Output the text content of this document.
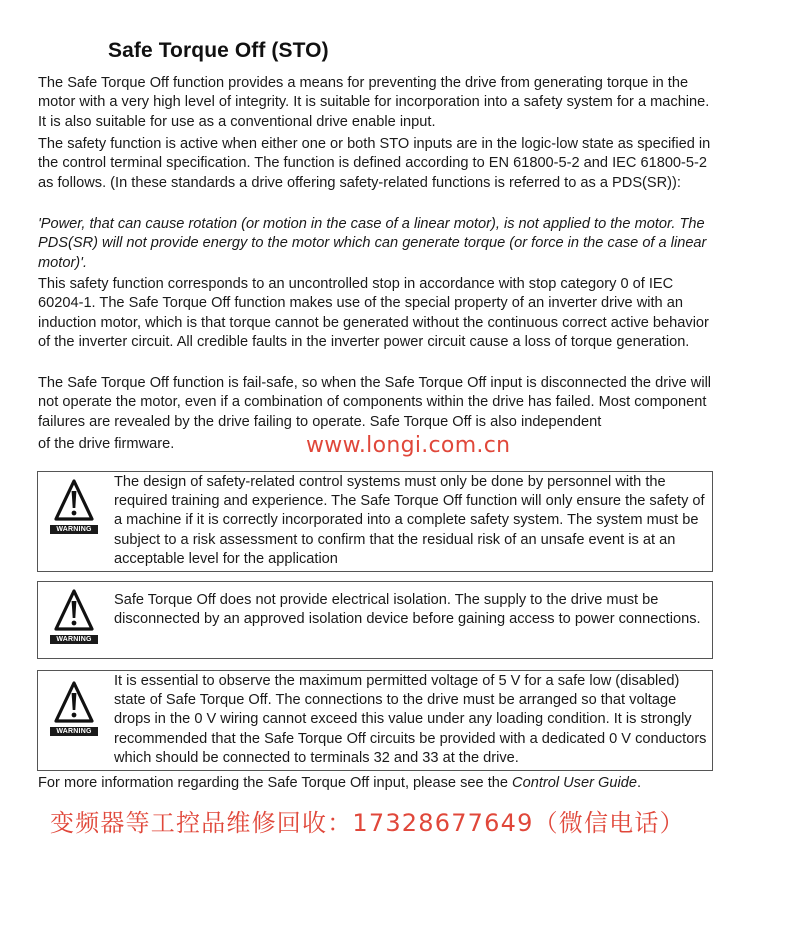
Safe Torque Off (STO)

The Safe Torque Off function provides a means for preventing the drive from generating torque in the motor with a very high level of integrity. It is suitable for incorporation into a safety system for a machine. It is also suitable for use as a conventional drive enable input.

The safety function is active when either one or both STO inputs are in the logic-low state as specified in the control terminal specification. The function is defined according to EN 61800-5-2 and IEC 61800-5-2 as follows. (In these standards a drive offering safety-related functions is referred to as a PDS(SR)):

'Power, that can cause rotation (or motion in the case of a linear motor), is not applied to the motor. The PDS(SR) will not provide energy to the motor which can generate torque (or force in the case of a linear motor)'.

This safety function corresponds to an uncontrolled stop in accordance with stop category 0 of IEC 60204-1. The Safe Torque Off function makes use of the special property of an inverter drive with an induction motor, which is that torque cannot be generated without the continuous correct active behavior of the inverter circuit. All credible faults in the inverter power circuit cause a loss of torque generation.

The Safe Torque Off function is fail-safe, so when the Safe Torque Off input is disconnected the drive will not operate the motor, even if a combination of components within the drive has failed. Most component failures are revealed by the drive failing to operate. Safe Torque Off is also independent
of the drive firmware.	www.longi.com.cn
WARNING

The design of safety-related control systems must only be done by personnel with the required training and experience. The Safe Torque Off function will only ensure the safety of a machine if it is correctly incorporated into a complete safety system. The system must be subject to a risk assessment to confirm that the residual risk of an unsafe event is at an acceptable level for the application

WARNING

Safe Torque Off does not provide electrical isolation. The supply to the drive must be disconnected by an approved isolation device before gaining access to power connections.

WARNING

It is essential to observe the maximum permitted voltage of 5 V for a safe low (disabled) state of Safe Torque Off. The connections to the drive must be arranged so that voltage drops in the 0 V wiring cannot exceed this value under any loading condition. It is strongly recommended that the Safe Torque Off circuits be provided with a dedicated 0 V conductors which should be connected to terminals 32 and 33 at the drive.

For more information regarding the Safe Torque Off input, please see the Control User Guide.

变频器等工控品维修回收：17328677649（微信电话）
